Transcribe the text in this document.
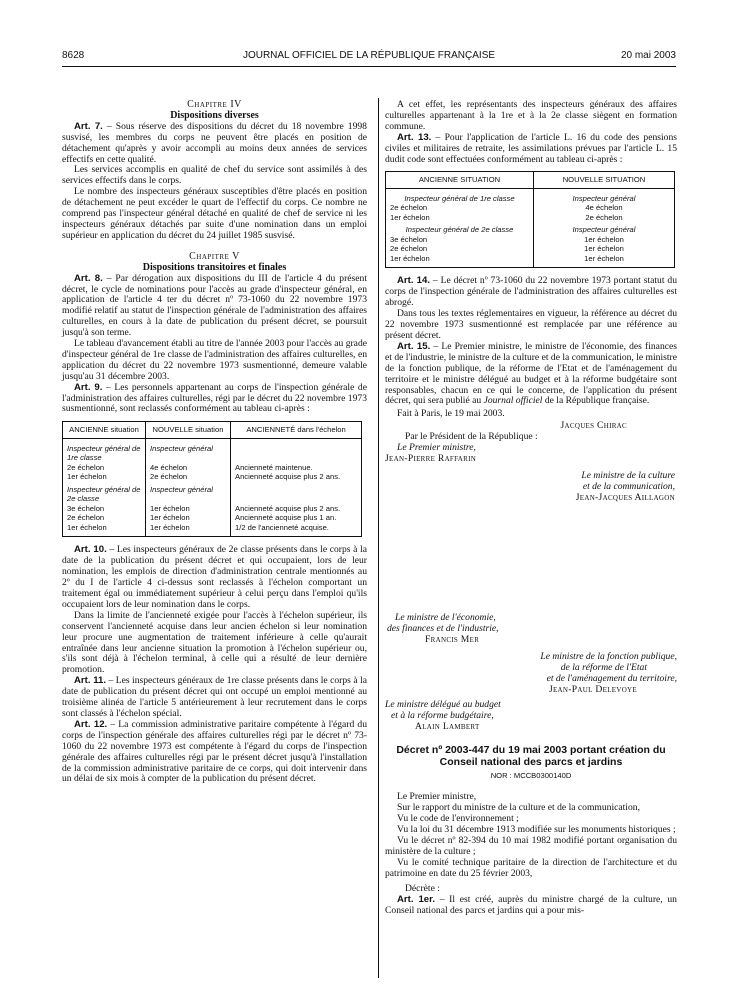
8628	JOURNAL OFFICIEL DE LA RÉPUBLIQUE FRANÇAISE	20 mai 2003

Chapitre IV

Dispositions diverses

Art. 7. – Sous réserve des dispositions du décret du 18 novembre 1998 susvisé, les membres du corps ne peuvent être placés en position de détachement qu'après y avoir accompli au moins deux années de services effectifs en cette qualité.

Les services accomplis en qualité de chef du service sont assimilés à des services effectifs dans le corps.

Le nombre des inspecteurs généraux susceptibles d'être placés en position de détachement ne peut excéder le quart de l'effectif du corps. Ce nombre ne comprend pas l'inspecteur général détaché en qualité de chef de service ni les inspecteurs généraux détachés par suite d'une nomination dans un emploi supérieur en application du décret du 24 juillet 1985 susvisé.

Chapitre V

Dispositions transitoires et finales

Art. 8. – Par dérogation aux dispositions du III de l'article 4 du présent décret, le cycle de nominations pour l'accès au grade d'inspecteur général, en application de l'article 4 ter du décret nº 73-1060 du 22 novembre 1973 modifié relatif au statut de l'inspection générale de l'administration des affaires culturelles, en cours à la date de publication du présent décret, se poursuit jusqu'à son terme.

Le tableau d'avancement établi au titre de l'année 2003 pour l'accès au grade d'inspecteur général de 1re classe de l'administration des affaires culturelles, en application du décret du 22 novembre 1973 susmentionné, demeure valable jusqu'au 31 décembre 2003.

Art. 9. – Les personnels appartenant au corps de l'inspection générale de l'administration des affaires culturelles, régi par le décret du 22 novembre 1973 susmentionné, sont reclassés conformément au tableau ci-après :

ANCIENNE situation	NOUVELLE situation	ANCIENNETÉ dans l'échelon
Inspecteur général de 1re classe	Inspecteur général	
2e échelon	4e échelon	Ancienneté maintenue.
1er échelon	2e échelon	Ancienneté acquise plus 2 ans.
Inspecteur général de 2e classe	Inspecteur général	
3e échelon	1er échelon	Ancienneté acquise plus 2 ans.
2e échelon	1er échelon	Ancienneté acquise plus 1 an.
1er échelon	1er échelon	1/2 de l'ancienneté acquise.

Art. 10. – Les inspecteurs généraux de 2e classe présents dans le corps à la date de la publication du présent décret et qui occupaient, lors de leur nomination, les emplois de direction d'administration centrale mentionnés au 2º du I de l'article 4 ci-dessus sont reclassés à l'échelon comportant un traitement égal ou immédiatement supérieur à celui perçu dans l'emploi qu'ils occupaient lors de leur nomination dans le corps.

Dans la limite de l'ancienneté exigée pour l'accès à l'échelon supérieur, ils conservent l'ancienneté acquise dans leur ancien échelon si leur nomination leur procure une augmentation de traitement inférieure à celle qu'aurait entraînée dans leur ancienne situation la promotion à l'échelon supérieur ou, s'ils sont déjà à l'échelon terminal, à celle qui a résulté de leur dernière promotion.

Art. 11. – Les inspecteurs généraux de 1re classe présents dans le corps à la date de publication du présent décret qui ont occupé un emploi mentionné au troisième alinéa de l'article 5 antérieurement à leur recrutement dans le corps sont classés à l'échelon spécial.

Art. 12. – La commission administrative paritaire compétente à l'égard du corps de l'inspection générale des affaires culturelles régi par le décret nº 73-1060 du 22 novembre 1973 est compétente à l'égard du corps de l'inspection générale des affaires culturelles régi par le présent décret jusqu'à l'installation de la commission administrative paritaire de ce corps, qui doit intervenir dans un délai de six mois à compter de la publication du présent décret.

A cet effet, les représentants des inspecteurs généraux des affaires culturelles appartenant à la 1re et à la 2e classe siègent en formation commune.

Art. 13. – Pour l'application de l'article L. 16 du code des pensions civiles et militaires de retraite, les assimilations prévues par l'article L. 15 dudit code sont effectuées conformément au tableau ci-après :

ANCIENNE SITUATION	NOUVELLE SITUATION
Inspecteur général de 1re classe	Inspecteur général
2e échelon	4e échelon
1er échelon	2e échelon
Inspecteur général de 2e classe	Inspecteur général
3e échelon	1er échelon
2e échelon	1er échelon
1er échelon	1er échelon

Art. 14. – Le décret nº 73-1060 du 22 novembre 1973 portant statut du corps de l'inspection générale de l'administration des affaires culturelles est abrogé.

Dans tous les textes réglementaires en vigueur, la référence au décret du 22 novembre 1973 susmentionné est remplacée par une référence au présent décret.

Art. 15. – Le Premier ministre, le ministre de l'économie, des finances et de l'industrie, le ministre de la culture et de la communication, le ministre de la fonction publique, de la réforme de l'Etat et de l'aménagement du territoire et le ministre délégué au budget et à la réforme budgétaire sont responsables, chacun en ce qui le concerne, de l'application du présent décret, qui sera publié au Journal officiel de la République française.

Fait à Paris, le 19 mai 2003.

Jacques Chirac
Par le Président de la République :
Le Premier ministre,
Jean-Pierre Raffarin
Le ministre de la culture
et de la communication,
Jean-Jacques Aillagon
Le ministre de l'économie,
des finances et de l'industrie,
Francis Mer
Le ministre de la fonction publique,
de la réforme de l'Etat
et de l'aménagement du territoire,
Jean-Paul Delevoye
Le ministre délégué au budget
et à la réforme budgétaire,
Alain Lambert
Décret nº 2003-447 du 19 mai 2003 portant création du Conseil national des parcs et jardins
NOR : MCCB0300140D

Le Premier ministre,

Sur le rapport du ministre de la culture et de la communication,

Vu le code de l'environnement ;

Vu la loi du 31 décembre 1913 modifiée sur les monuments historiques ;

Vu le décret nº 82-394 du 10 mai 1982 modifié portant organisation du ministère de la culture ;

Vu le comité technique paritaire de la direction de l'architecture et du patrimoine en date du 25 février 2003,

Décrète :

Art. 1er. – Il est créé, auprès du ministre chargé de la culture, un Conseil national des parcs et jardins qui a pour mis-
